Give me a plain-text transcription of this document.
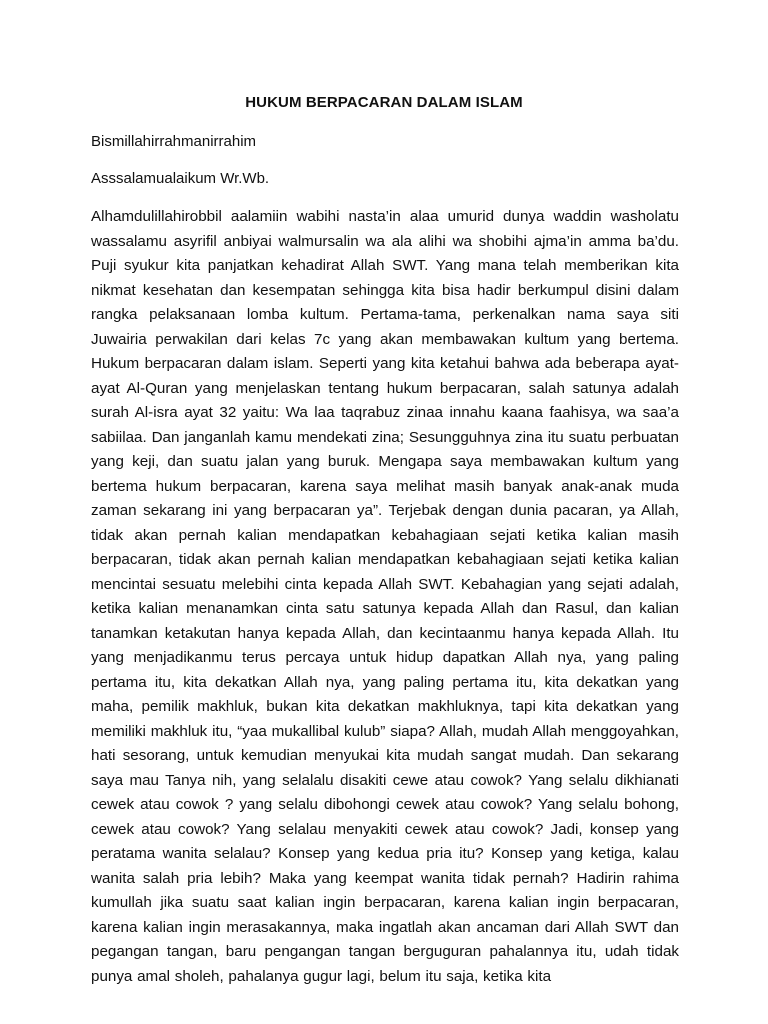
HUKUM BERPACARAN DALAM ISLAM
Bismillahirrahmanirrahim
Asssalamualaikum Wr.Wb.
Alhamdulillahirobbil aalamiin wabihi nasta’in alaa umurid dunya waddin washolatu wassalamu asyrifil anbiyai walmursalin wa ala alihi wa shobihi ajma’in amma ba’du. Puji syukur kita panjatkan kehadirat Allah SWT. Yang mana telah memberikan kita nikmat kesehatan dan kesempatan sehingga kita bisa hadir berkumpul disini dalam rangka pelaksanaan lomba kultum. Pertama-tama, perkenalkan nama saya siti Juwairia perwakilan dari kelas 7c yang akan membawakan kultum yang bertema. Hukum berpacaran dalam islam. Seperti yang kita ketahui bahwa ada beberapa ayat-ayat Al-Quran yang menjelaskan tentang hukum berpacaran, salah satunya adalah surah Al-isra ayat 32 yaitu: Wa laa taqrabuz zinaa innahu kaana faahisya, wa saa’a sabiilaa. Dan janganlah kamu mendekati zina; Sesungguhnya zina itu suatu perbuatan yang keji, dan suatu jalan yang buruk. Mengapa saya membawakan kultum yang bertema hukum berpacaran, karena saya melihat masih banyak anak-anak muda zaman sekarang ini yang berpacaran ya”. Terjebak dengan dunia pacaran, ya Allah, tidak akan pernah kalian mendapatkan kebahagiaan sejati ketika kalian masih berpacaran, tidak akan pernah kalian mendapatkan kebahagiaan sejati ketika kalian mencintai sesuatu melebihi cinta kepada Allah SWT. Kebahagian yang sejati adalah, ketika kalian menanamkan cinta satu satunya kepada Allah dan Rasul, dan kalian tanamkan ketakutan hanya kepada Allah, dan kecintaanmu hanya kepada Allah. Itu yang menjadikanmu terus percaya untuk hidup dapatkan Allah nya, yang paling pertama itu, kita dekatkan Allah nya, yang paling pertama itu, kita dekatkan yang maha, pemilik makhluk, bukan kita dekatkan makhluknya, tapi kita dekatkan yang memiliki makhluk itu, “yaa mukallibal kulub” siapa? Allah, mudah Allah menggoyahkan, hati sesorang, untuk kemudian menyukai kita mudah sangat mudah. Dan sekarang saya mau Tanya nih, yang selalalu disakiti cewe atau cowok? Yang selalu dikhianati cewek atau cowok ? yang selalu dibohongi cewek atau cowok? Yang selalu bohong, cewek atau cowok? Yang selalau menyakiti cewek atau cowok? Jadi, konsep yang peratama wanita selalau? Konsep yang kedua pria itu? Konsep yang ketiga, kalau wanita salah pria lebih? Maka yang keempat wanita tidak pernah? Hadirin rahima kumullah jika suatu saat kalian ingin berpacaran, karena kalian ingin berpacaran, karena kalian ingin merasakannya, maka ingatlah akan ancaman dari Allah SWT dan pegangan tangan, baru pengangan tangan berguguran pahalannya itu, udah tidak punya amal sholeh, pahalanya gugur lagi, belum itu saja, ketika kita
